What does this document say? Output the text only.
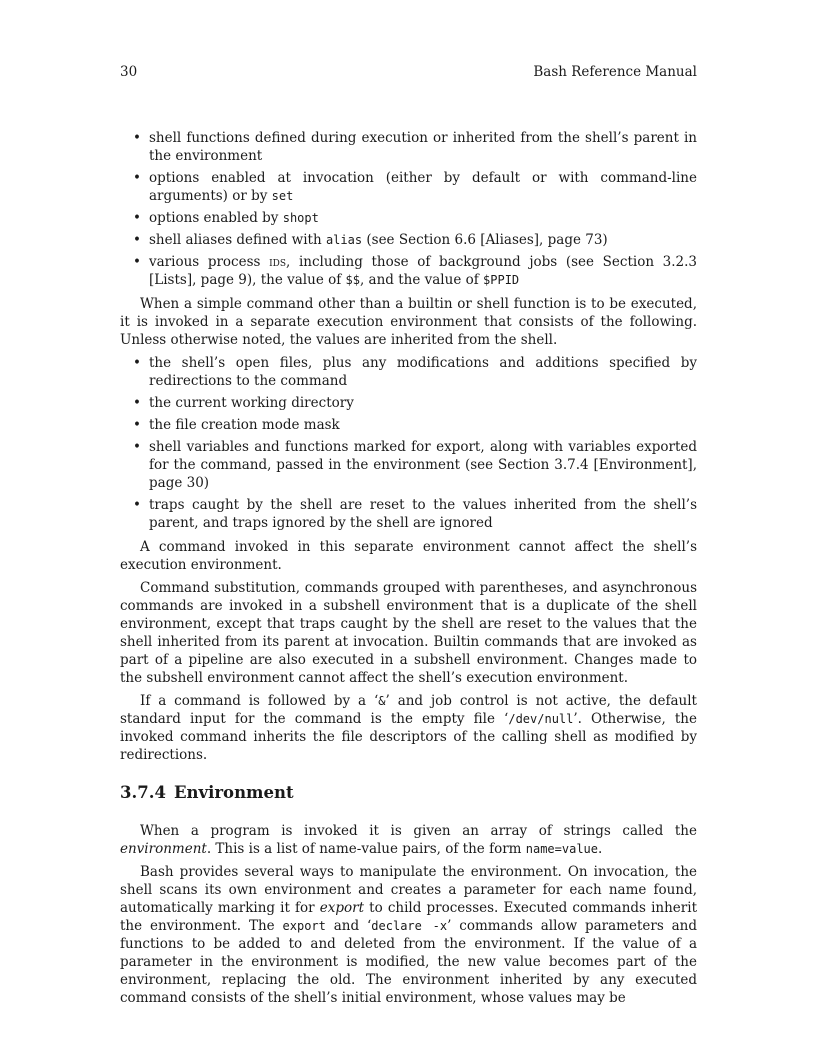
30	Bash Reference Manual
• shell functions defined during execution or inherited from the shell’s parent in the environment
• options enabled at invocation (either by default or with command-line arguments) or by set
• options enabled by shopt
• shell aliases defined with alias (see Section 6.6 [Aliases], page 73)
• various process ids, including those of background jobs (see Section 3.2.3 [Lists], page 9), the value of $$, and the value of $PPID

When a simple command other than a builtin or shell function is to be executed, it is invoked in a separate execution environment that consists of the following. Unless otherwise noted, the values are inherited from the shell.

• the shell’s open files, plus any modifications and additions specified by redirections to the command
• the current working directory
• the file creation mode mask
• shell variables and functions marked for export, along with variables exported for the command, passed in the environment (see Section 3.7.4 [Environment], page 30)
• traps caught by the shell are reset to the values inherited from the shell’s parent, and traps ignored by the shell are ignored

A command invoked in this separate environment cannot affect the shell’s execution environment.

Command substitution, commands grouped with parentheses, and asynchronous commands are invoked in a subshell environment that is a duplicate of the shell environment, except that traps caught by the shell are reset to the values that the shell inherited from its parent at invocation. Builtin commands that are invoked as part of a pipeline are also executed in a subshell environment. Changes made to the subshell environment cannot affect the shell’s execution environment.

If a command is followed by a ‘&’ and job control is not active, the default standard input for the command is the empty file ‘/dev/null’. Otherwise, the invoked command inherits the file descriptors of the calling shell as modified by redirections.

3.7.4 Environment

When a program is invoked it is given an array of strings called the environment. This is a list of name-value pairs, of the form name=value.

Bash provides several ways to manipulate the environment. On invocation, the shell scans its own environment and creates a parameter for each name found, automatically marking it for export to child processes. Executed commands inherit the environment. The export and ‘declare -x’ commands allow parameters and functions to be added to and deleted from the environment. If the value of a parameter in the environment is modified, the new value becomes part of the environment, replacing the old. The environment inherited by any executed command consists of the shell’s initial environment, whose values may be
